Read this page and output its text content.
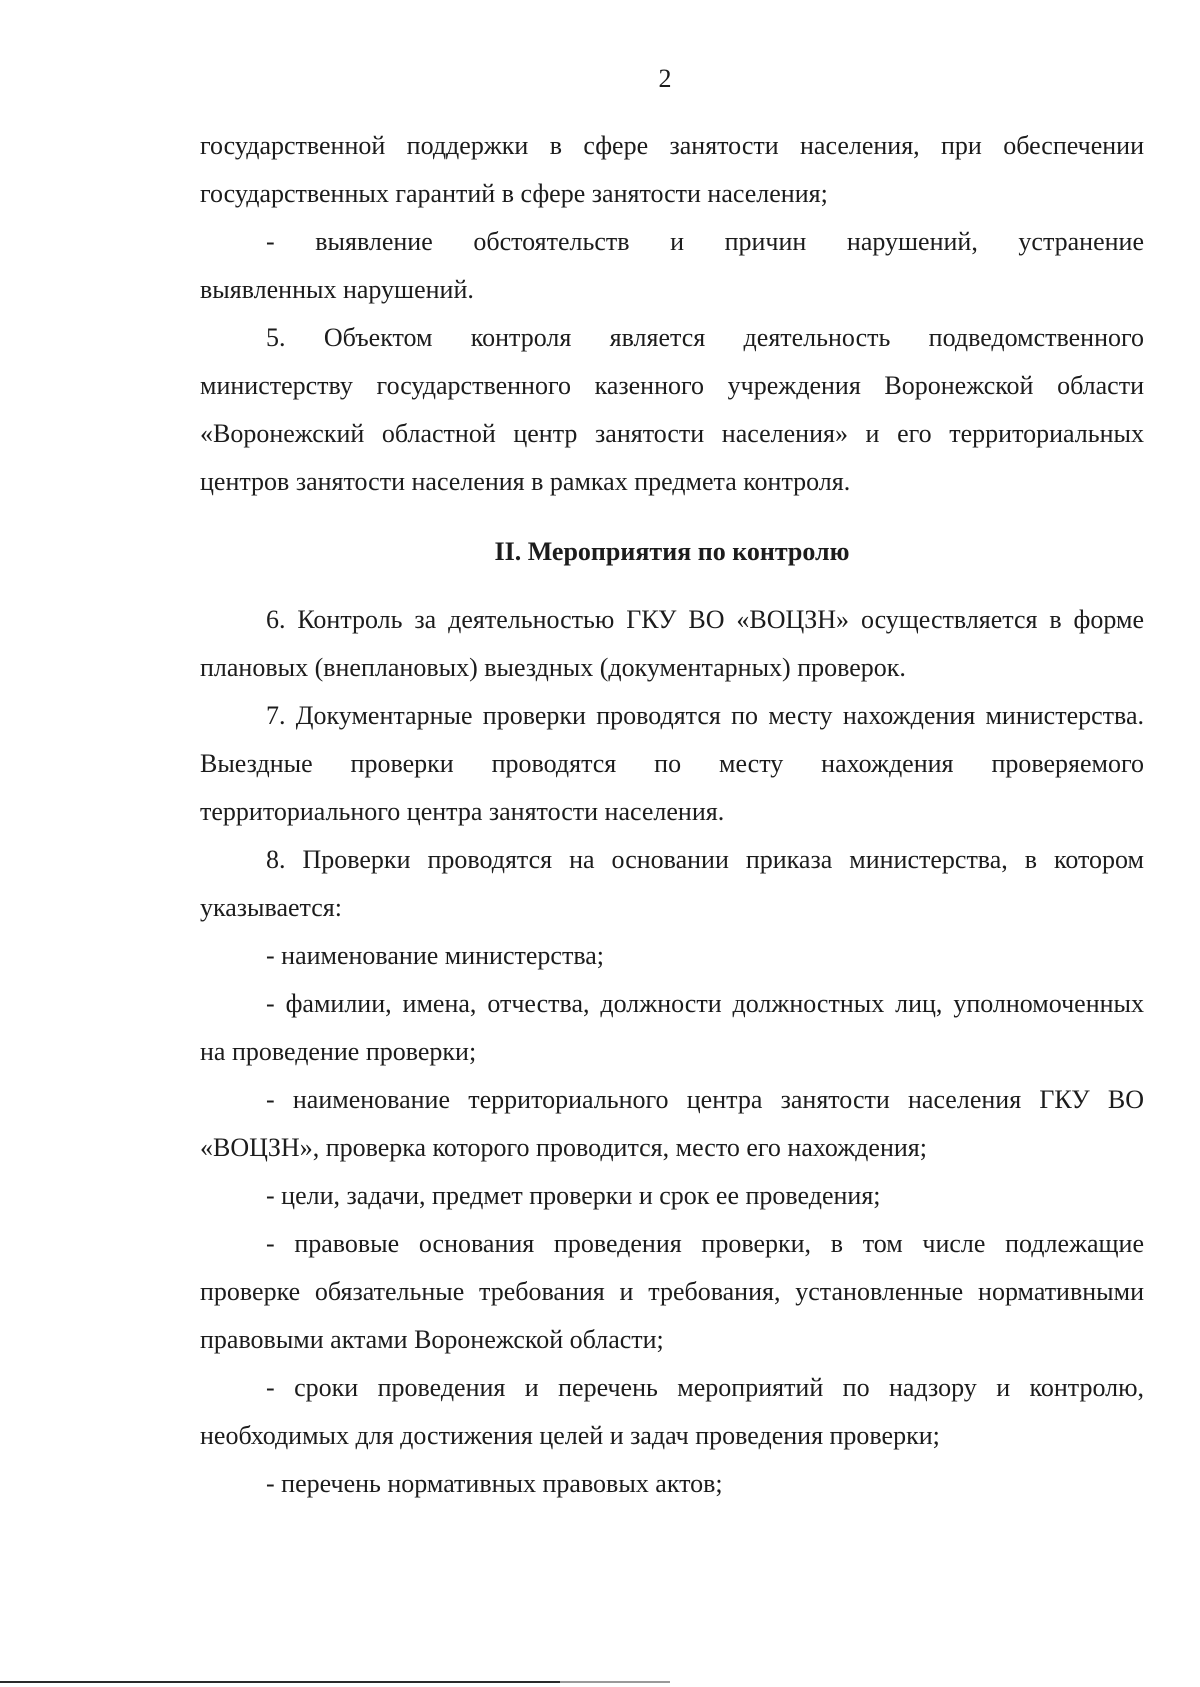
2

государственной поддержки в сфере занятости населения, при обеспечении

государственных гарантий в сфере занятости населения;

- выявление обстоятельств и причин нарушений, устранение

выявленных нарушений.

5. Объектом контроля является деятельность подведомственного министерству государственного казенного учреждения Воронежской области «Воронежский областной центр занятости населения» и его территориальных центров занятости населения в рамках предмета контроля.

II. Мероприятия по контролю

6. Контроль за деятельностью ГКУ ВО «ВОЦЗН» осуществляется в форме плановых (внеплановых) выездных (документарных) проверок.

7. Документарные проверки проводятся по месту нахождения министерства. Выездные проверки проводятся по месту нахождения проверяемого территориального центра занятости населения.

8. Проверки проводятся на основании приказа министерства, в котором указывается:

- наименование министерства;

- фамилии, имена, отчества, должности должностных лиц, уполномоченных на проведение проверки;

- наименование территориального центра занятости населения ГКУ ВО «ВОЦЗН», проверка которого проводится, место его нахождения;

- цели, задачи, предмет проверки и срок ее проведения;

- правовые основания проведения проверки, в том числе подлежащие проверке обязательные требования и требования, установленные нормативными правовыми актами Воронежской области;

- сроки проведения и перечень мероприятий по надзору и контролю, необходимых для достижения целей и задач проведения проверки;

- перечень нормативных правовых актов;
